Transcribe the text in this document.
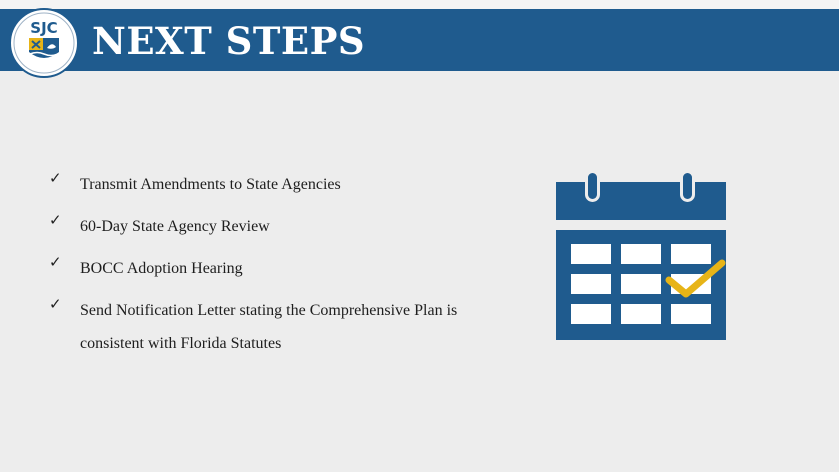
SJC NEXT STEPS
✓ Transmit Amendments to State Agencies
✓ 60-Day State Agency Review
✓ BOCC Adoption Hearing
✓ Send Notification Letter stating the Comprehensive Plan is consistent with Florida Statutes
